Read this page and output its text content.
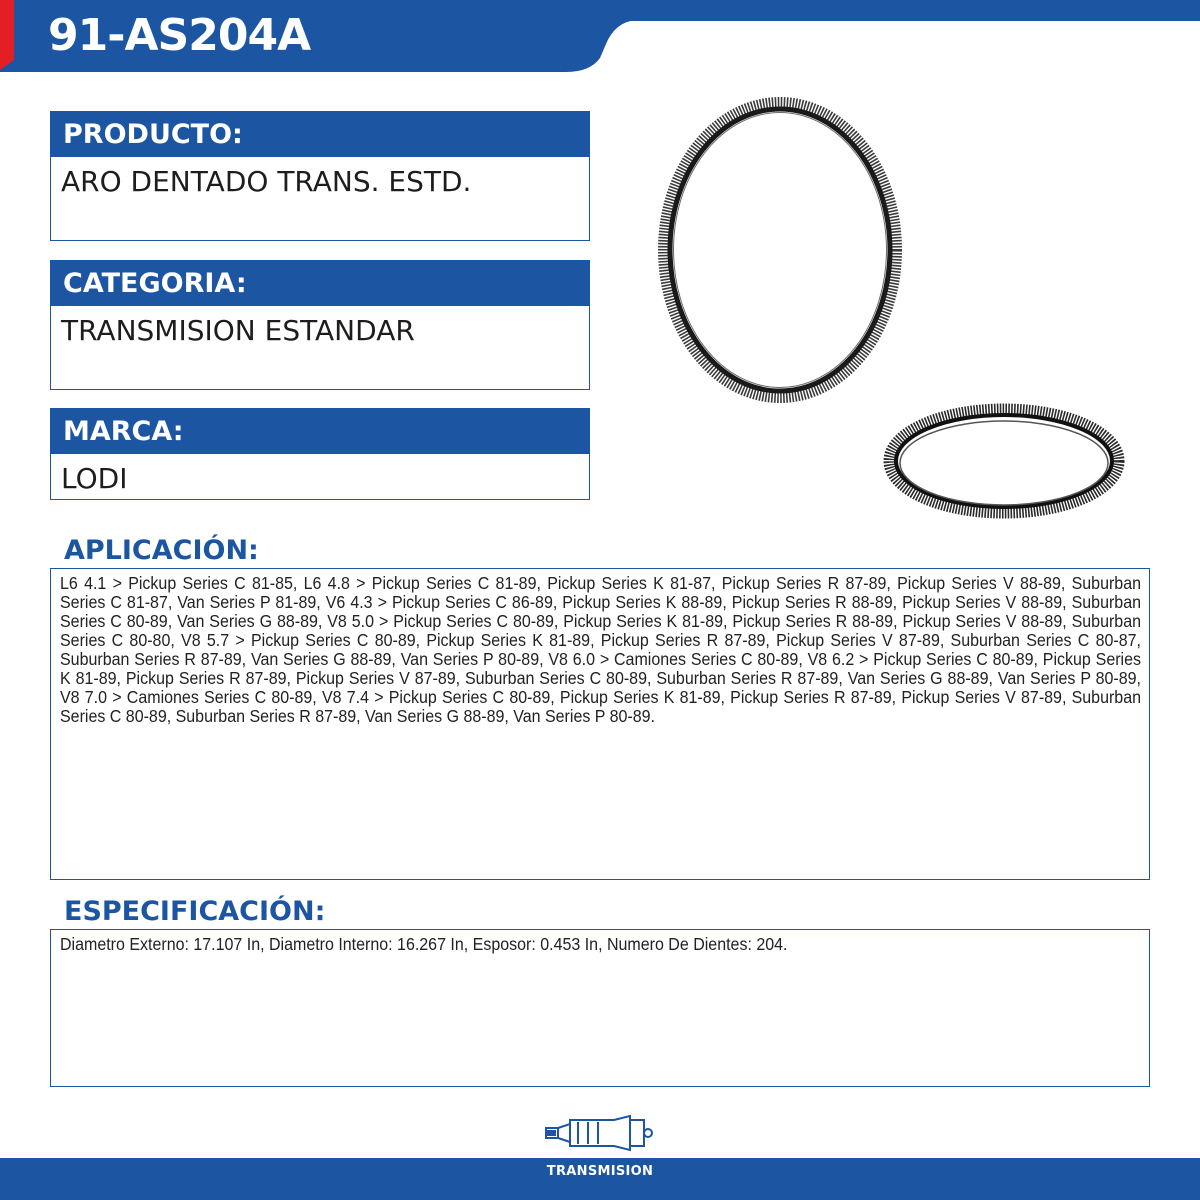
91-AS204A
PRODUCTO:
ARO DENTADO TRANS. ESTD.
CATEGORIA:
TRANSMISION ESTANDAR
MARCA:
LODI
APLICACIÓN:
L6 4.1 > Pickup Series C 81-85, L6 4.8 > Pickup Series C 81-89, Pickup Series K 81-87, Pickup Series R 87-89, Pickup Series V 88-89, Suburban Series C 81-87, Van Series P 81-89, V6 4.3 > Pickup Series C 86-89, Pickup Series K 88-89, Pickup Series R 88-89, Pickup Series V 88-89, Suburban Series C 80-89, Van Series G 88-89, V8 5.0 > Pickup Series C 80-89, Pickup Series K 81-89, Pickup Series R 88-89, Pickup Series V 88-89, Suburban Series C 80-80, V8 5.7 > Pickup Series C 80-89, Pickup Series K 81-89, Pickup Series R 87-89, Pickup Series V 87-89, Suburban Series C 80-87, Suburban Series R 87-89, Van Series G 88-89, Van Series P 80-89, V8 6.0 > Camiones Series C 80-89, V8 6.2 > Pickup Series C 80-89, Pickup Series K 81-89, Pickup Series R 87-89, Pickup Series V 87-89, Suburban Series C 80-89, Suburban Series R 87-89, Van Series G 88-89, Van Series P 80-89, V8 7.0 > Camiones Series C 80-89, V8 7.4 > Pickup Series C 80-89, Pickup Series K 81-89, Pickup Series R 87-89, Pickup Series V 87-89, Suburban Series C 80-89, Suburban Series R 87-89, Van Series G 88-89, Van Series P 80-89.
ESPECIFICACIÓN:
Diametro Externo: 17.107 In, Diametro Interno: 16.267 In, Esposor: 0.453 In, Numero De Dientes: 204.
TRANSMISION
